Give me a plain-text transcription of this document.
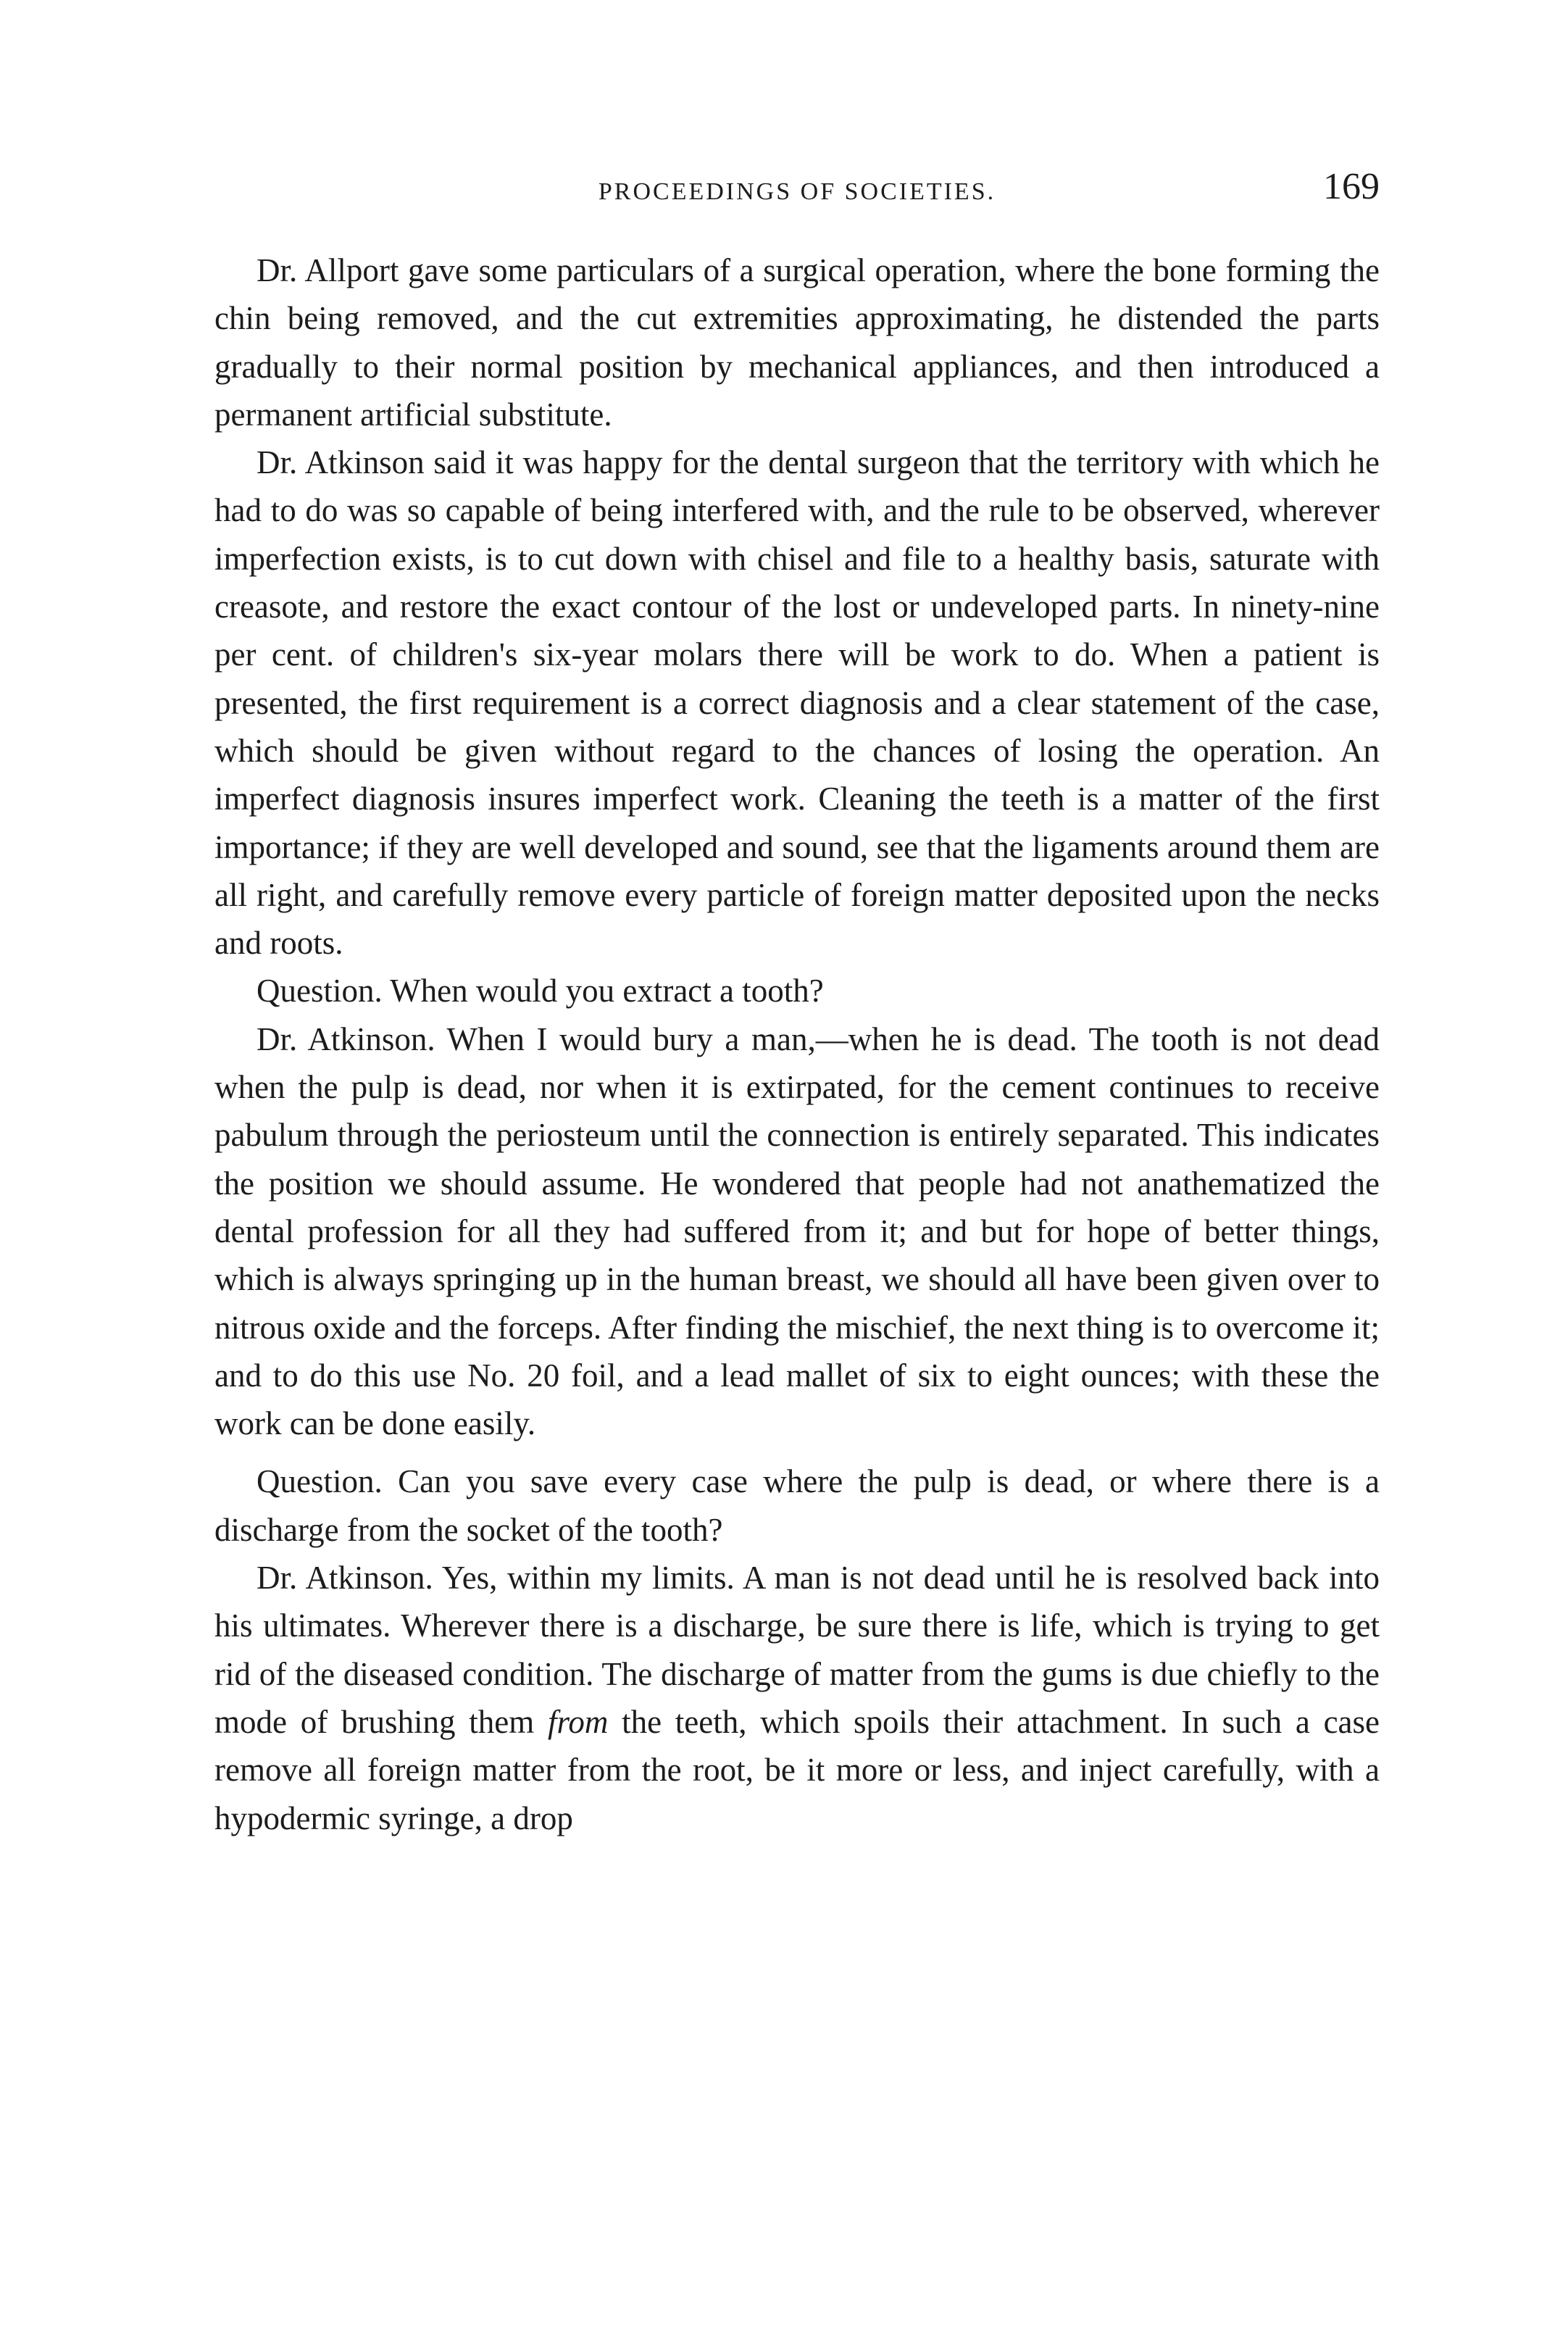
PROCEEDINGS OF SOCIETIES.	169

Dr. Allport gave some particulars of a surgical operation, where the bone forming the chin being removed, and the cut extremities approximating, he distended the parts gradually to their normal position by mechanical appliances, and then introduced a permanent artificial substitute.

Dr. Atkinson said it was happy for the dental surgeon that the territory with which he had to do was so capable of being interfered with, and the rule to be observed, wherever imperfection exists, is to cut down with chisel and file to a healthy basis, saturate with creasote, and restore the exact contour of the lost or undeveloped parts. In ninety-nine per cent. of children's six-year molars there will be work to do. When a patient is presented, the first requirement is a correct diagnosis and a clear statement of the case, which should be given without regard to the chances of losing the operation. An imperfect diagnosis insures imperfect work. Cleaning the teeth is a matter of the first importance; if they are well developed and sound, see that the ligaments around them are all right, and carefully remove every particle of foreign matter deposited upon the necks and roots.

Question. When would you extract a tooth?

Dr. Atkinson. When I would bury a man,—when he is dead. The tooth is not dead when the pulp is dead, nor when it is extirpated, for the cement continues to receive pabulum through the periosteum until the connection is entirely separated. This indicates the position we should assume. He wondered that people had not anathematized the dental profession for all they had suffered from it; and but for hope of better things, which is always springing up in the human breast, we should all have been given over to nitrous oxide and the forceps. After finding the mischief, the next thing is to overcome it; and to do this use No. 20 foil, and a lead mallet of six to eight ounces; with these the work can be done easily.

Question. Can you save every case where the pulp is dead, or where there is a discharge from the socket of the tooth?

Dr. Atkinson. Yes, within my limits. A man is not dead until he is resolved back into his ultimates. Wherever there is a discharge, be sure there is life, which is trying to get rid of the diseased condition. The discharge of matter from the gums is due chiefly to the mode of brushing them from the teeth, which spoils their attachment. In such a case remove all foreign matter from the root, be it more or less, and inject carefully, with a hypodermic syringe, a drop
